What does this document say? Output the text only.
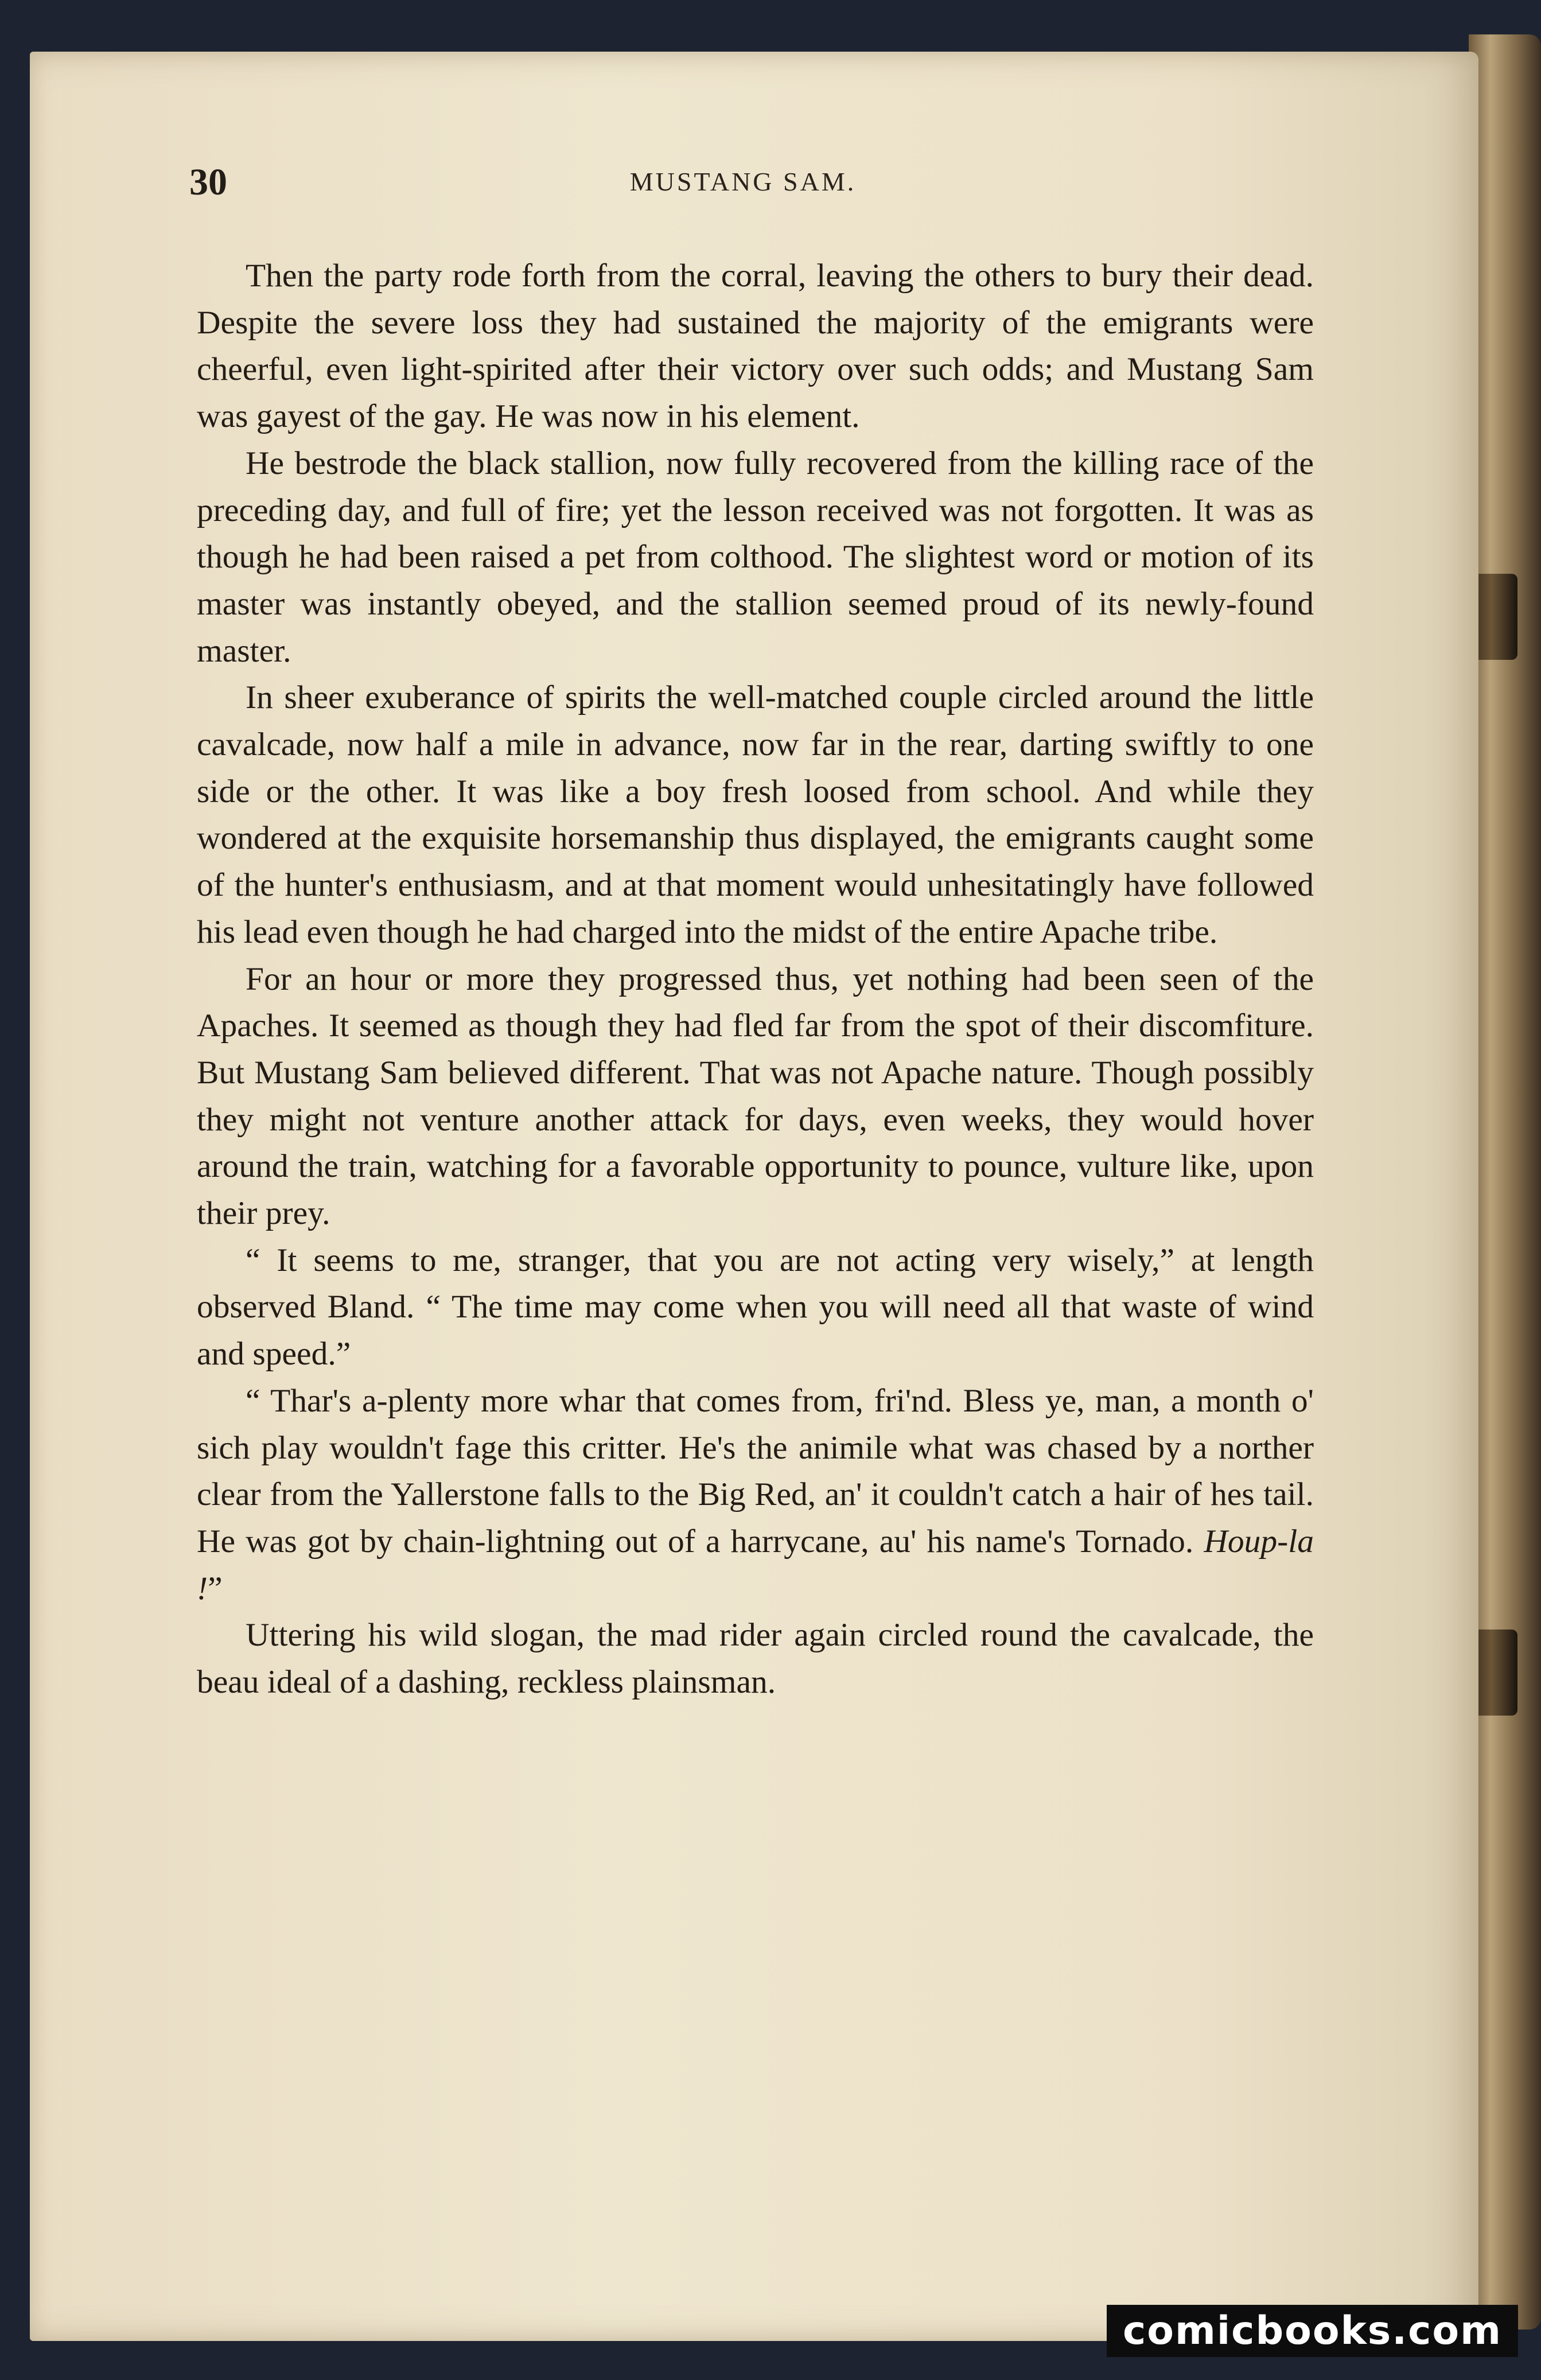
30	MUSTANG SAM.

Then the party rode forth from the corral, leaving the others to bury their dead. Despite the severe loss they had sustained the majority of the emigrants were cheerful, even light-spirited after their victory over such odds; and Mustang Sam was gayest of the gay. He was now in his element.

He bestrode the black stallion, now fully recovered from the killing race of the preceding day, and full of fire; yet the lesson received was not forgotten. It was as though he had been raised a pet from colthood. The slightest word or motion of its master was instantly obeyed, and the stallion seemed proud of its newly-found master.

In sheer exuberance of spirits the well-matched couple circled around the little cavalcade, now half a mile in advance, now far in the rear, darting swiftly to one side or the other. It was like a boy fresh loosed from school. And while they wondered at the exquisite horsemanship thus displayed, the emigrants caught some of the hunter's enthusiasm, and at that moment would unhesitatingly have followed his lead even though he had charged into the midst of the entire Apache tribe.

For an hour or more they progressed thus, yet nothing had been seen of the Apaches. It seemed as though they had fled far from the spot of their discomfiture. But Mustang Sam believed different. That was not Apache nature. Though possibly they might not venture another attack for days, even weeks, they would hover around the train, watching for a favorable opportunity to pounce, vulture like, upon their prey.

“ It seems to me, stranger, that you are not acting very wisely,” at length observed Bland. “ The time may come when you will need all that waste of wind and speed.”

“ Thar's a-plenty more whar that comes from, fri'nd. Bless ye, man, a month o' sich play wouldn't fage this critter. He's the animile what was chased by a norther clear from the Yallerstone falls to the Big Red, an' it couldn't catch a hair of hes tail. He was got by chain-lightning out of a harrycane, au' his name's Tornado. Houp-la !”

Uttering his wild slogan, the mad rider again circled round the cavalcade, the beau ideal of a dashing, reckless plainsman.

comicbooks.com
